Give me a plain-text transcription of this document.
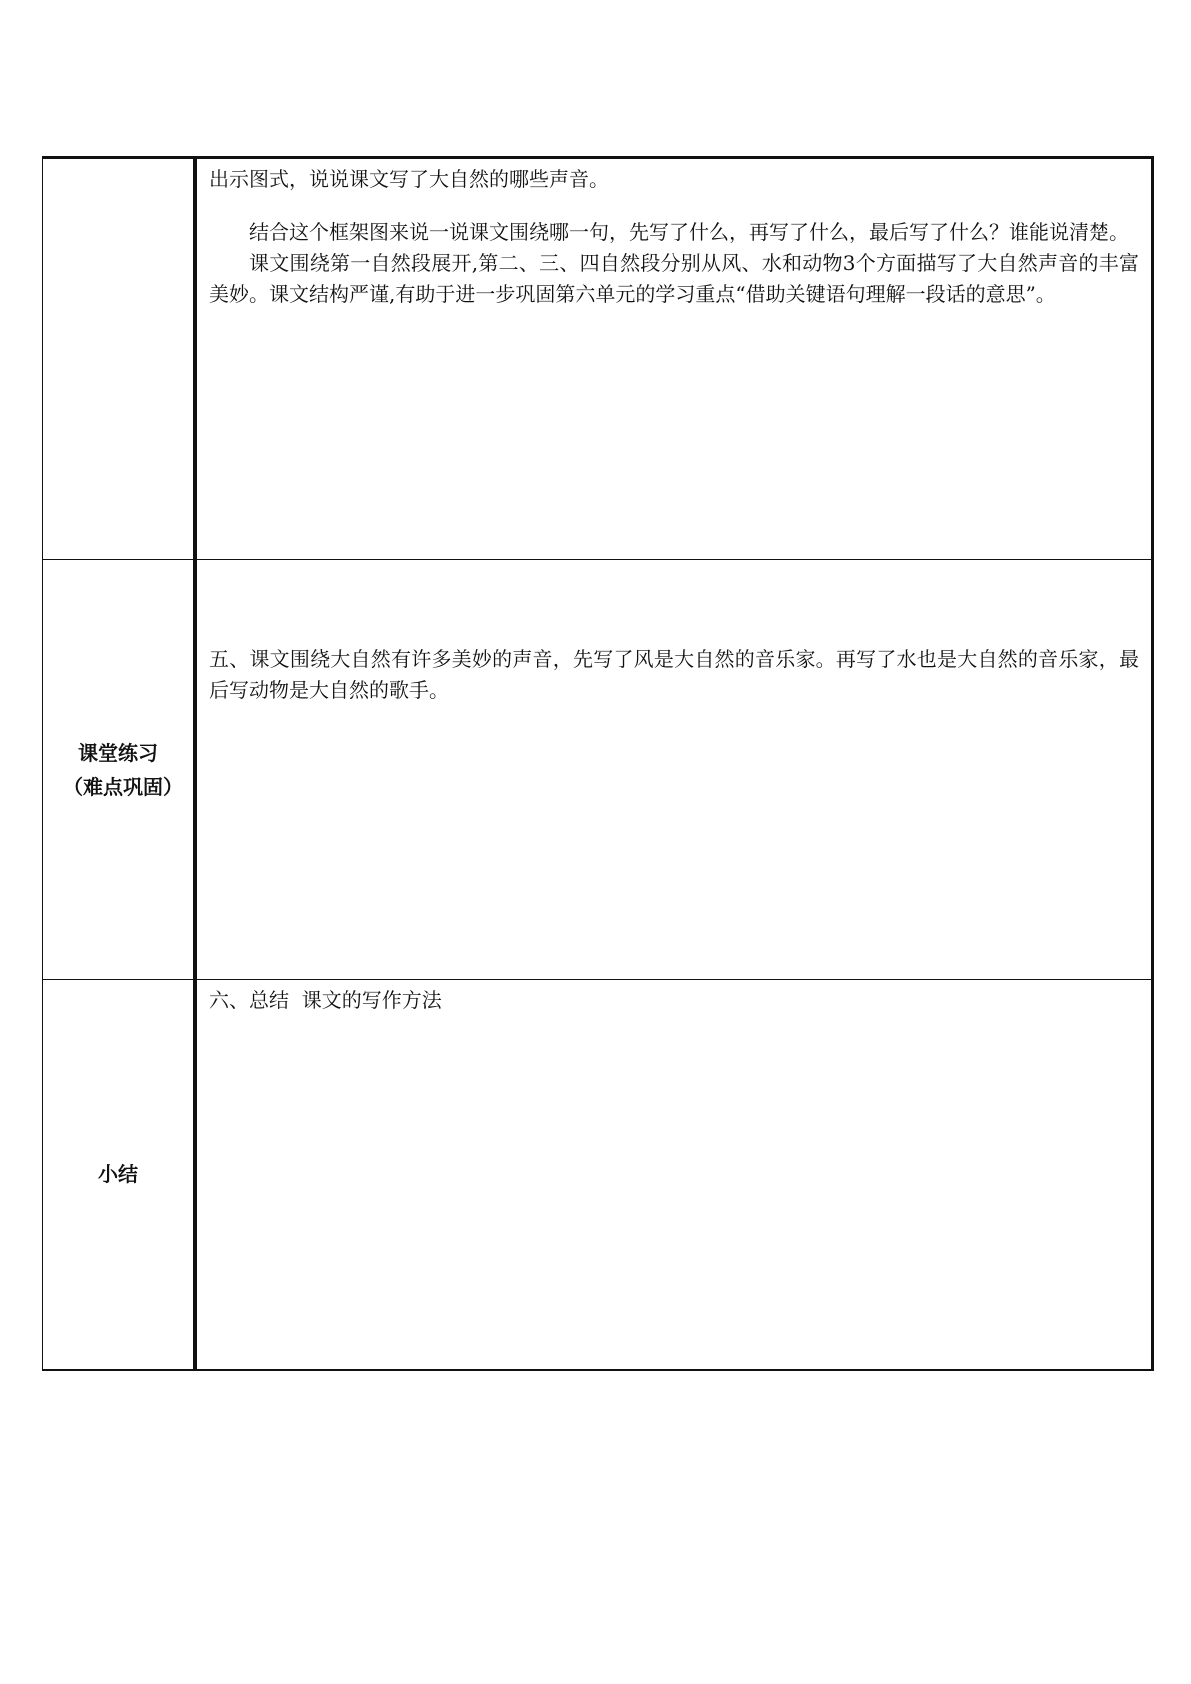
	出示图式，说说课文写了大自然的哪些声音。

结合这个框架图来说一说课文围绕哪一句，先写了什么，再写了什么，最后写了什么？谁能说清楚。

课文围绕第一自然段展开,第二、三、四自然段分别从风、水和动物3个方面描写了大自然声音的丰富美妙。课文结构严谨,有助于进一步巩固第六单元的学习重点“借助关键语句理解一段话的意思”。

课堂练习（难点巩固）	五、课文围绕大自然有许多美妙的声音，先写了风是大自然的音乐家。再写了水也是大自然的音乐家，最后写动物是大自然的歌手。

小结	六、总结  课文的写作方法
